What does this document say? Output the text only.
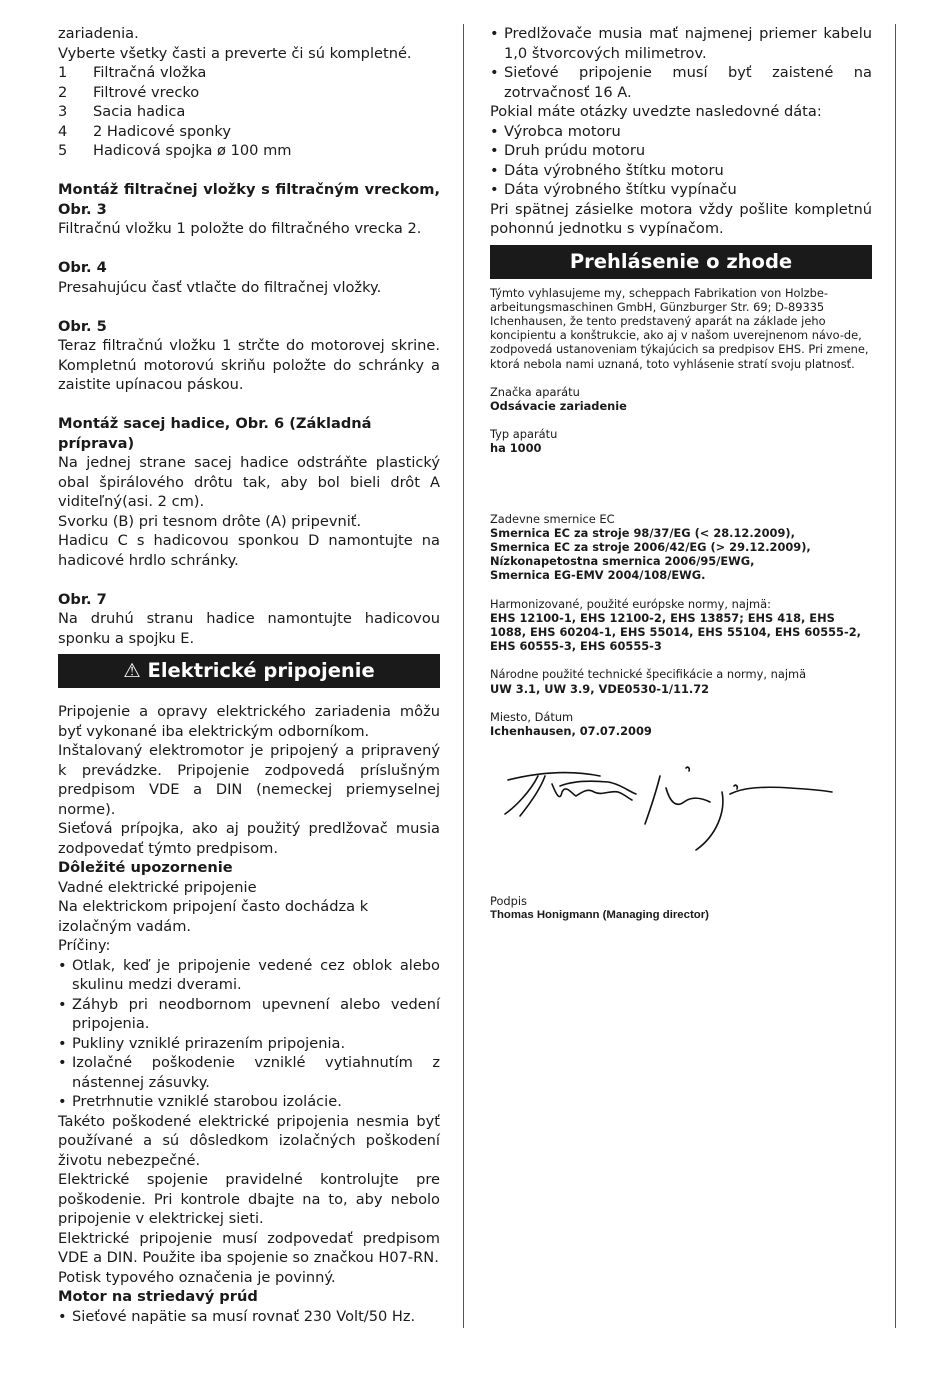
zariadenia.

Vyberte všetky časti a preverte či sú kompletné.

1	Filtračná vložka
2	Filtrové vrecko
3	Sacia hadica
4	2 Hadicové sponky
5	Hadicová spojka ø 100 mm

Montáž filtračnej vložky s filtračným vreckom, Obr. 3

Filtračnú vložku 1 položte do filtračného vrecka 2.

Obr. 4

Presahujúcu časť vtlačte do filtračnej vložky.

Obr. 5

Teraz filtračnú vložku 1 strčte do motorovej skrine. Kompletnú motorovú skriňu položte do schránky a zaistite upínacou páskou.

Montáž sacej hadice, Obr. 6 (Základná príprava)

Na jednej strane sacej hadice odstráňte plastický obal špirálového drôtu tak, aby bol bieli drôt A viditeľný(asi. 2 cm).

Svorku (B) pri tesnom drôte (A) pripevniť.

Hadicu C s hadicovou sponkou D namontujte na hadicové hrdlo schránky.

Obr. 7

Na druhú stranu hadice namontujte hadicovou sponku a spojku E.

⚠ Elektrické pripojenie

Pripojenie a opravy elektrického zariadenia môžu byť vykonané iba elektrickým odborníkom.

Inštalovaný elektromotor je pripojený a pripravený k prevádzke. Pripojenie zodpovedá príslušným predpisom VDE a DIN (nemeckej priemyselnej norme).

Sieťová prípojka, ako aj použitý predlžovač musia zodpovedať týmto predpisom.

Dôležité upozornenie

Vadné elektrické pripojenie

Na elektrickom pripojení často dochádza k izolačným vadám.

Príčiny:

• Otlak, keď je pripojenie vedené cez oblok alebo skulinu medzi dverami.
• Záhyb pri neodbornom upevnení alebo vedení pripojenia.
• Pukliny vzniklé prirazením pripojenia.
• Izolačné poškodenie vzniklé vytiahnutím z nástennej zásuvky.
• Pretrhnutie vzniklé starobou izolácie.

Takéto poškodené elektrické pripojenia nesmia byť používané a sú dôsledkom izolačných poškodení životu nebezpečné.

Elektrické spojenie pravidelné kontrolujte pre poškodenie. Pri kontrole dbajte na to, aby nebolo pripojenie v elektrickej sieti.

Elektrické pripojenie musí zodpovedať predpisom VDE a DIN. Použite iba spojenie so značkou H07-RN.

Potisk typového označenia je povinný.

Motor na striedavý prúd

• Sieťové napätie sa musí rovnať 230 Volt/50 Hz.
• Predlžovače musia mať najmenej priemer kabelu 1,0 štvorcových milimetrov.
• Sieťové pripojenie musí byť zaistené na zotrvačnosť 16 A.

Pokial máte otázky uvedzte nasledovné dáta:

• Výrobca motoru
• Druh prúdu motoru
• Dáta výrobného štítku motoru
• Dáta výrobného štítku vypínaču

Pri spätnej zásielke motora vždy pošlite kompletnú pohonnú jednotku s vypínačom.

Prehlásenie o zhode

Týmto vyhlasujeme my, scheppach Fabrikation von Holzbe-arbeitungsmaschinen GmbH, Günzburger Str. 69; D-89335 Ichenhausen, že tento predstavený aparát na základe jeho koncipientu a konštrukcie, ako aj v našom uverejnenom návo-de, zodpovedá ustanoveniam týkajúcich sa predpisov EHS. Pri zmene, ktorá nebola nami uznaná, toto vyhlásenie stratí svoju platnosť.

Značka aparátu

Odsávacie zariadenie

Typ aparátu

ha 1000

Zadevne smernice EC

Smernica EC za stroje 98/37/EG (< 28.12.2009),

Smernica EC za stroje 2006/42/EG (> 29.12.2009),

Nízkonapetostna smernica 2006/95/EWG,

Smernica EG-EMV 2004/108/EWG.

Harmonizované, použité európske normy, najmä:

EHS 12100-1, EHS 12100-2, EHS 13857; EHS 418, EHS 1088, EHS 60204-1, EHS 55014, EHS 55104, EHS 60555-2, EHS 60555-3, EHS 60555-3

Národne použité technické špecifikácie a normy, najmä

UW 3.1, UW 3.9, VDE0530-1/11.72

Miesto, Dátum

Ichenhausen, 07.07.2009

Podpis

Thomas Honigmann (Managing director)
